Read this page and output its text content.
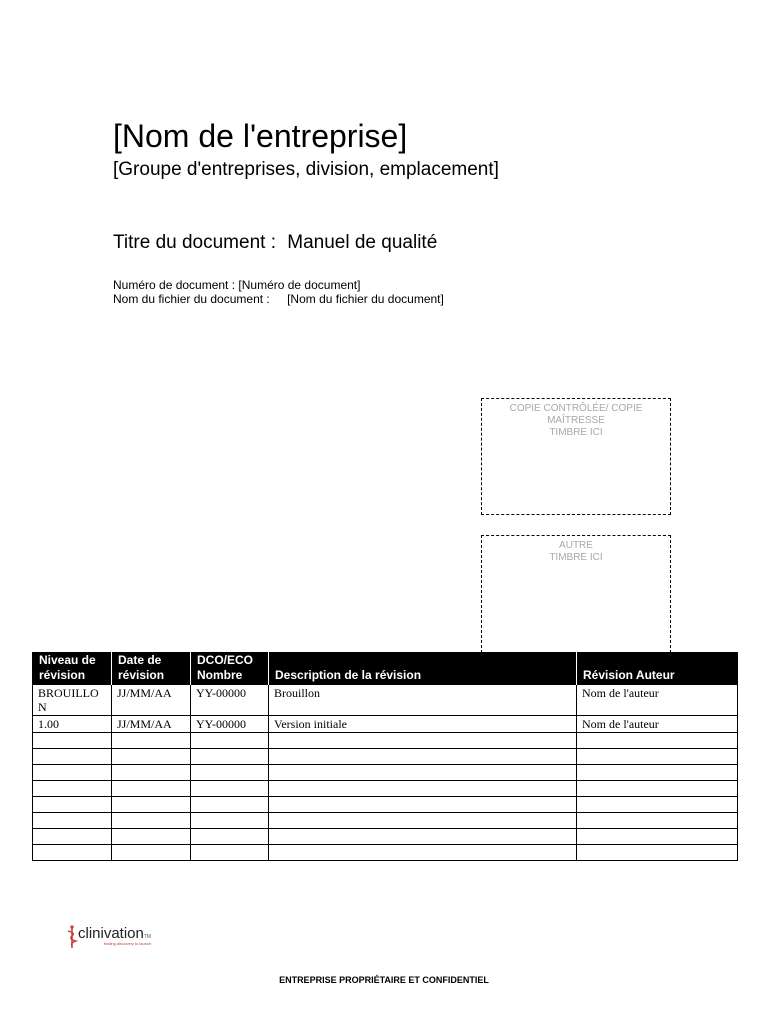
[Nom de l'entreprise]
[Groupe d'entreprises, division, emplacement]
Titre du document : Manuel de qualité
Numéro de document : [Numéro de document]
Nom du fichier du document : [Nom du fichier du document]
COPIE CONTRÔLÉE/ COPIE
MAÎTRESSE
TIMBRE ICI
AUTRE
TIMBRE ICI
Niveau de révision	Date de révision	DCO/ECO Nombre	Description de la révision	Révision Auteur
BROUILLON	JJ/MM/AA	YY-00000	Brouillon	Nom de l'auteur
1.00	JJ/MM/AA	YY-00000	Version initiale	Nom de l'auteur

clinivationTM
finding discovery to launch
ENTREPRISE PROPRIÉTAIRE ET CONFIDENTIEL
